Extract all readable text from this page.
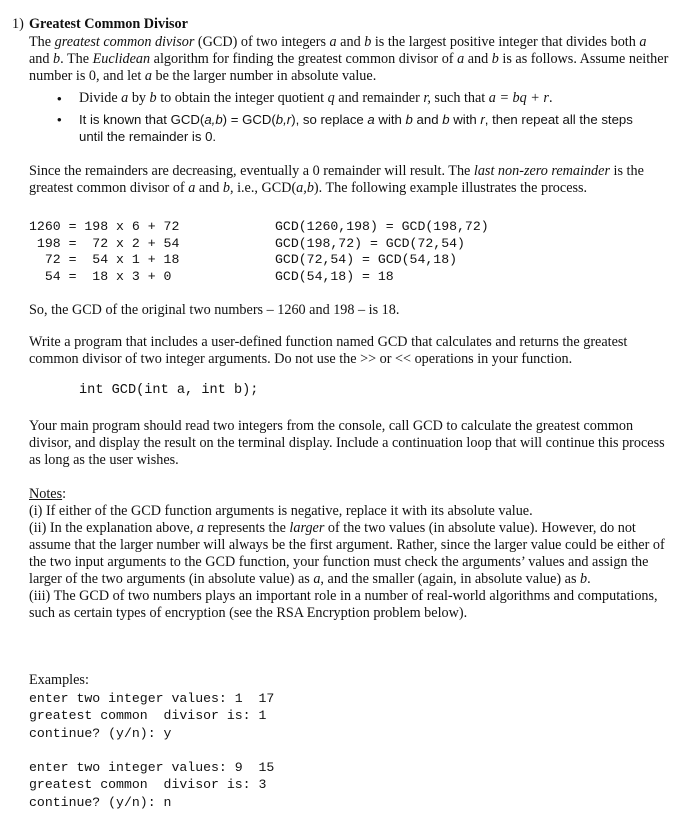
1) Greatest Common Divisor

The greatest common divisor (GCD) of two integers a and b is the largest positive integer that divides both a and b. The Euclidean algorithm for finding the greatest common divisor of a and b is as follows. Assume neither number is 0, and let a be the larger number in absolute value.

• Divide a by b to obtain the integer quotient q and remainder r, such that a = bq + r.
• It is known that GCD(a,b) = GCD(b,r), so replace a with b and b with r, then repeat all the steps until the remainder is 0.

Since the remainders are decreasing, eventually a 0 remainder will result. The last non-zero remainder is the greatest common divisor of a and b, i.e., GCD(a,b). The following example illustrates the process.

1260 = 198 x 6 + 72
198 =  72 x 2 + 54
72 =  54 x 1 + 18
54 =  18 x 3 + 0
GCD(1260,198) = GCD(198,72)
GCD(198,72) = GCD(72,54)
GCD(72,54) = GCD(54,18)
GCD(54,18) = 18

So, the GCD of the original two numbers – 1260 and 198 – is 18.

Write a program that includes a user-defined function named GCD that calculates and returns the greatest common divisor of two integer arguments. Do not use the >> or << operations in your function.

int GCD(int a, int b);

Your main program should read two integers from the console, call GCD to calculate the greatest common divisor, and display the result on the terminal display. Include a continuation loop that will continue this process as long as the user wishes.

Notes:

(i) If either of the GCD function arguments is negative, replace it with its absolute value.

(ii) In the explanation above, a represents the larger of the two values (in absolute value). However, do not assume that the larger number will always be the first argument. Rather, since the larger value could be either of the two input arguments to the GCD function, your function must check the arguments’ values and assign the larger of the two arguments (in absolute value) as a, and the smaller (again, in absolute value) as b.

(iii) The GCD of two numbers plays an important role in a number of real-world algorithms and computations, such as certain types of encryption (see the RSA Encryption problem below).

Examples:
enter two integer values: 1  17
greatest common  divisor is: 1
continue? (y/n): y

enter two integer values: 9  15
greatest common  divisor is: 3
continue? (y/n): n
